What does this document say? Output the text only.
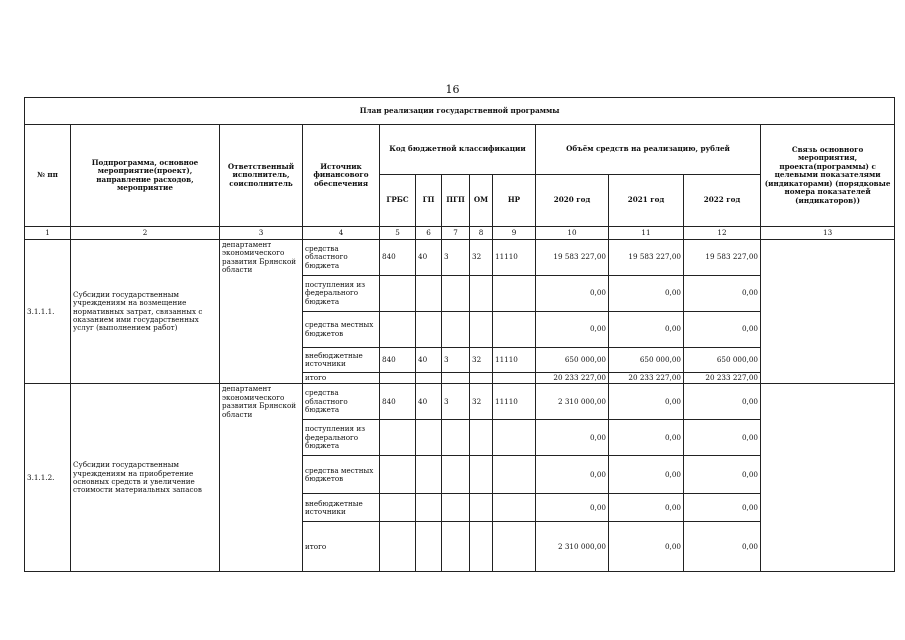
16
План реализации государственной программы												
№ пп	Подпрограмма, основное мероприятие(проект), направление расходов, мероприятие	Ответственный исполнитель, соисполнитель	Источник финансового обеспечения	Код бюджетной классификации					Объём средств на реализацию, рублей			Связь основного мероприятия, проекта(программы) с целевыми показателями (индикаторами) (порядковые номера показателей (индикаторов))
				ГРБС	ГП	ПГП	ОМ	НР	2020 год	2021 год	2022 год	
1	2	3	4	5	6	7	8	9	10	11	12	13
3.1.1.1.	Субсидии государственным учреждениям на возмещение нормативных затрат, связанных с оказанием ими государственных услуг (выполнением работ)	департамент экономического развития Брянской области	средства областного бюджета	840	40	3	32	11110	19 583 227,00	19 583 227,00	19 583 227,00	
			поступления из федерального бюджета						0,00	0,00	0,00	
			средства местных бюджетов						0,00	0,00	0,00	
			внебюджетные источники	840	40	3	32	11110	650 000,00	650 000,00	650 000,00	
			итого						20 233 227,00	20 233 227,00	20 233 227,00	
3.1.1.2.	Субсидии государственным учреждениям на приобретение основных средств и увеличение стоимости материальных запасов	департамент экономического развития Брянской области	средства областного бюджета	840	40	3	32	11110	2 310 000,00	0,00	0,00	
			поступления из федерального бюджета						0,00	0,00	0,00	
			средства местных бюджетов						0,00	0,00	0,00	
			внебюджетные источники						0,00	0,00	0,00	
			итого						2 310 000,00	0,00	0,00	
